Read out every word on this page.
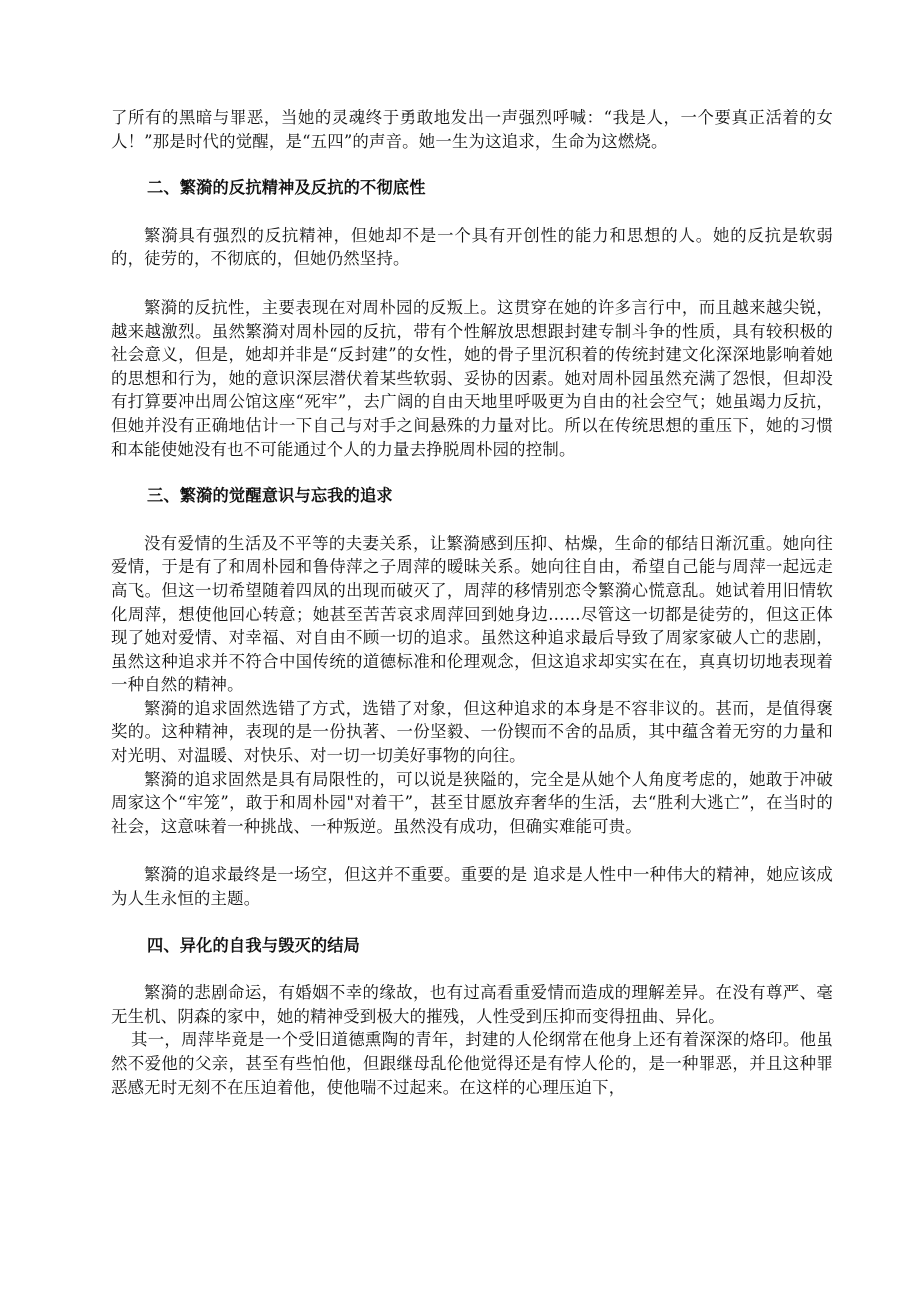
了所有的黑暗与罪恶，当她的灵魂终于勇敢地发出一声强烈呼喊：“我是人，一个要真正活着的女人！”那是时代的觉醒，是“五四”的声音。她一生为这追求，生命为这燃烧。

二、繁漪的反抗精神及反抗的不彻底性

繁漪具有强烈的反抗精神，但她却不是一个具有开创性的能力和思想的人。她的反抗是软弱的，徒劳的，不彻底的，但她仍然坚持。

繁漪的反抗性，主要表现在对周朴园的反叛上。这贯穿在她的许多言行中，而且越来越尖锐，越来越激烈。虽然繁漪对周朴园的反抗，带有个性解放思想跟封建专制斗争的性质，具有较积极的社会意义，但是，她却并非是“反封建”的女性，她的骨子里沉积着的传统封建文化深深地影响着她的思想和行为，她的意识深层潜伏着某些软弱、妥协的因素。她对周朴园虽然充满了怨恨，但却没有打算要冲出周公馆这座“死牢”，去广阔的自由天地里呼吸更为自由的社会空气；她虽竭力反抗，但她并没有正确地估计一下自己与对手之间悬殊的力量对比。所以在传统思想的重压下，她的习惯和本能使她没有也不可能通过个人的力量去挣脱周朴园的控制。

三、繁漪的觉醒意识与忘我的追求

没有爱情的生活及不平等的夫妻关系，让繁漪感到压抑、枯燥，生命的郁结日渐沉重。她向往爱情，于是有了和周朴园和鲁侍萍之子周萍的暧昧关系。她向往自由，希望自己能与周萍一起远走高飞。但这一切希望随着四凤的出现而破灭了，周萍的移情别恋令繁漪心慌意乱。她试着用旧情软化周萍，想使他回心转意；她甚至苦苦哀求周萍回到她身边......尽管这一切都是徒劳的，但这正体现了她对爱情、对幸福、对自由不顾一切的追求。虽然这种追求最后导致了周家家破人亡的悲剧，虽然这种追求并不符合中国传统的道德标准和伦理观念，但这追求却实实在在，真真切切地表现着一种自然的精神。

繁漪的追求固然选错了方式，选错了对象，但这种追求的本身是不容非议的。甚而，是值得褒奖的。这种精神，表现的是一份执著、一份坚毅、一份锲而不舍的品质，其中蕴含着无穷的力量和对光明、对温暖、对快乐、对一切一切美好事物的向往。

繁漪的追求固然是具有局限性的，可以说是狭隘的，完全是从她个人角度考虑的，她敢于冲破周家这个“牢笼”，敢于和周朴园"对着干”，甚至甘愿放弃奢华的生活，去“胜利大逃亡”，在当时的社会，这意味着一种挑战、一种叛逆。虽然没有成功，但确实难能可贵。

繁漪的追求最终是一场空，但这并不重要。重要的是 追求是人性中一种伟大的精神，她应该成为人生永恒的主题。

四、异化的自我与毁灭的结局

繁漪的悲剧命运，有婚姻不幸的缘故，也有过高看重爱情而造成的理解差异。在没有尊严、毫无生机、阴森的家中，她的精神受到极大的摧残，人性受到压抑而变得扭曲、异化。

其一，周萍毕竟是一个受旧道德熏陶的青年，封建的人伦纲常在他身上还有着深深的烙印。他虽然不爱他的父亲，甚至有些怕他，但跟继母乱伦他觉得还是有悖人伦的，是一种罪恶，并且这种罪恶感无时无刻不在压迫着他，使他喘不过起来。在这样的心理压迫下，
